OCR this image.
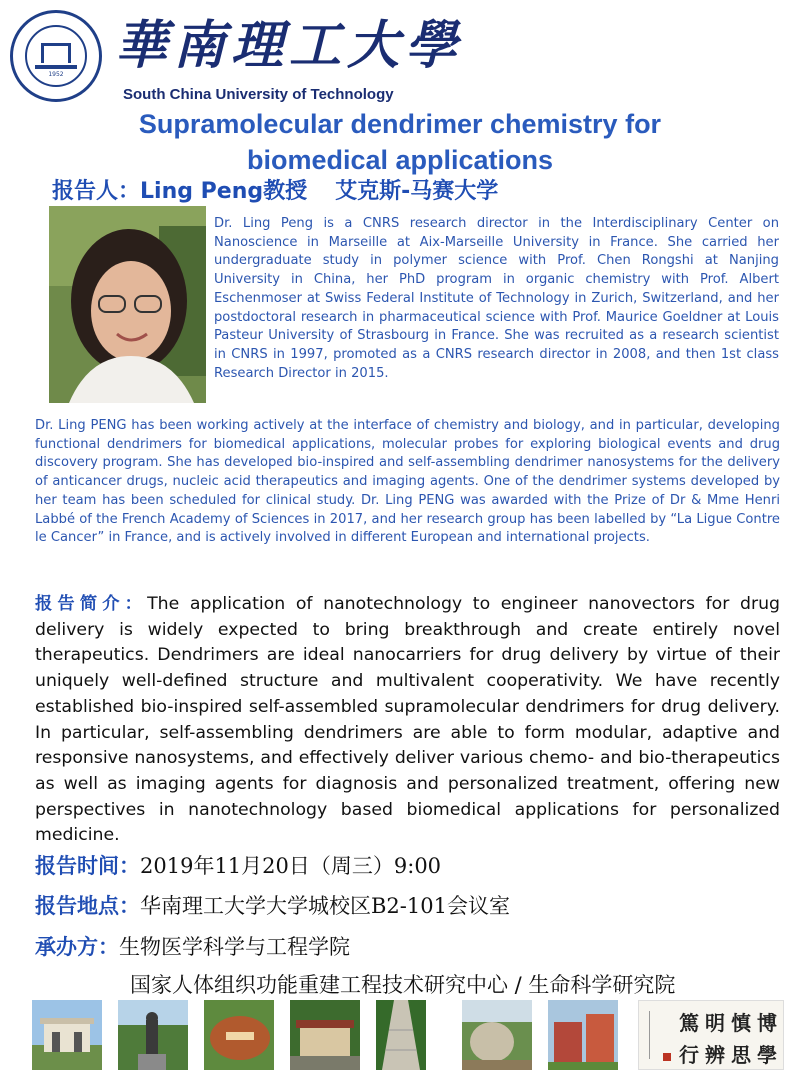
1952 華南理工大學
South China University of Technology
Supramolecular dendrimer chemistry for
biomedical applications
报告人：Ling Peng教授 艾克斯-马赛大学
Dr. Ling Peng is a CNRS research director in the Interdisciplinary Center on Nanoscience in Marseille at Aix-Marseille University in France. She carried her undergraduate study in polymer science with Prof. Chen Rongshi at Nanjing University in China, her PhD program in organic chemistry with Prof. Albert Eschenmoser at Swiss Federal Institute of Technology in Zurich, Switzerland, and her postdoctoral research in pharmaceutical science with Prof. Maurice Goeldner at Louis Pasteur University of Strasbourg in France. She was recruited as a research scientist in CNRS in 1997, promoted as a CNRS research director in 2008, and then 1st class Research Director in 2015.
Dr. Ling PENG has been working actively at the interface of chemistry and biology, and in particular, developing functional dendrimers for biomedical applications, molecular probes for exploring biological events and drug discovery program. She has developed bio-inspired and self-assembling dendrimer nanosystems for the delivery of anticancer drugs, nucleic acid therapeutics and imaging agents. One of the dendrimer systems developed by her team has been scheduled for clinical study. Dr. Ling PENG was awarded with the Prize of Dr & Mme Henri Labbé of the French Academy of Sciences in 2017, and her research group has been labelled by “La Ligue Contre le Cancer” in France, and is actively involved in different European and international projects.
报告简介：The application of nanotechnology to engineer nanovectors for drug delivery is widely expected to bring breakthrough and create entirely novel therapeutics. Dendrimers are ideal nanocarriers for drug delivery by virtue of their uniquely well-defined structure and multivalent cooperativity. We have recently established bio-inspired self-assembled supramolecular dendrimers for drug delivery. In particular, self-assembling dendrimers are able to form modular, adaptive and responsive nanosystems, and effectively deliver various chemo- and bio-therapeutics as well as imaging agents for diagnosis and personalized treatment, offering new perspectives in nanotechnology based biomedical applications for personalized medicine.
报告时间：2019年11月20日（周三）9:00
报告地点：华南理工大学大学城校区B2-101会议室
承办方：生物医学科学与工程学院
国家人体组织功能重建工程技术研究中心 / 生命科学研究院
篤明慎博
行辨思學
